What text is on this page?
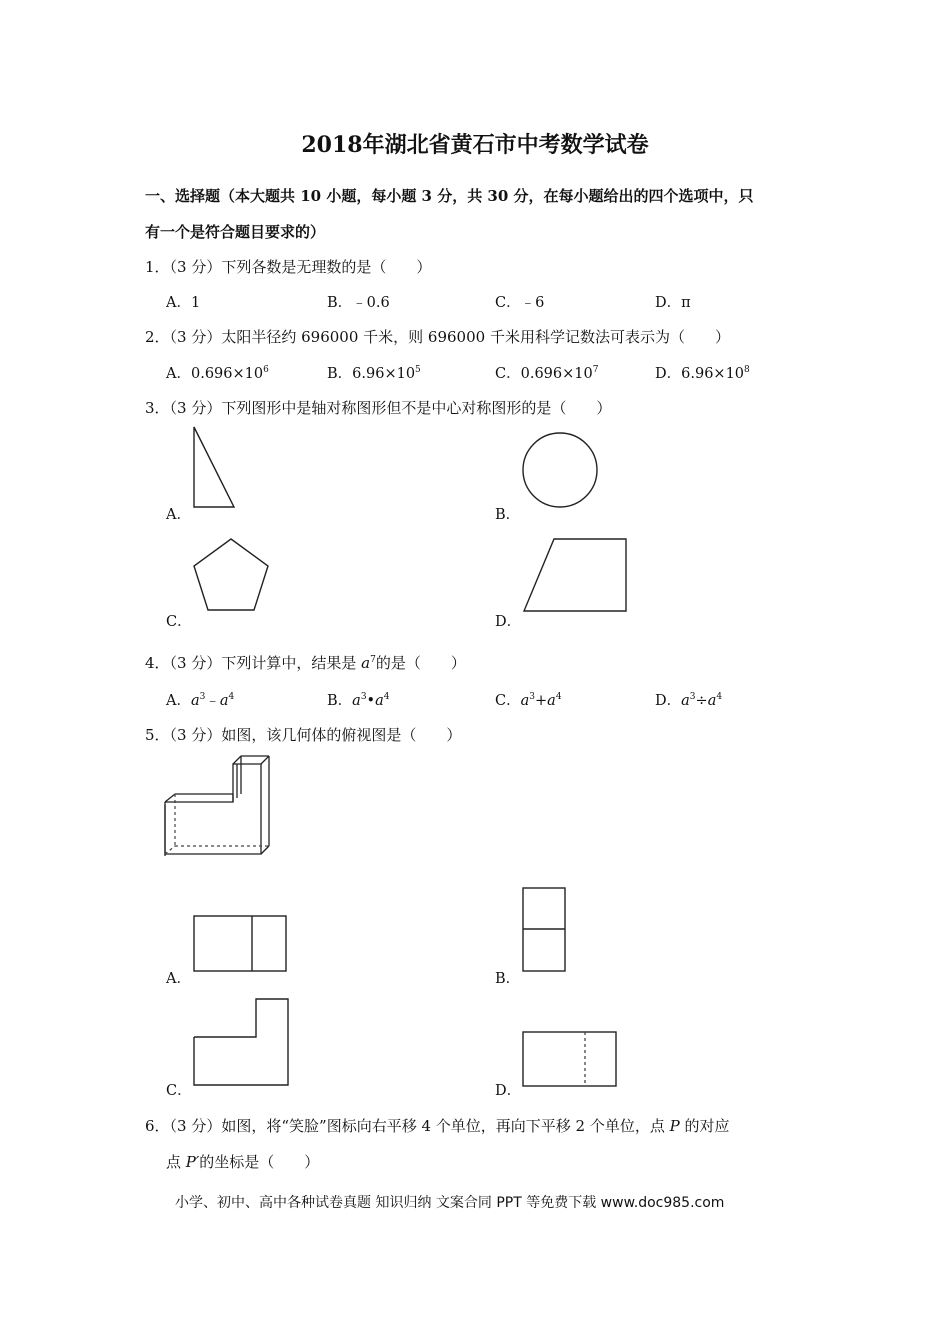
2018年湖北省黄石市中考数学试卷
一、选择题（本大题共 10 小题，每小题 3 分，共 30 分，在每小题给出的四个选项中，只
有一个是符合题目要求的）
1．（3 分）下列各数是无理数的是（　　）
A．1	B．﹣0.6	C．﹣6	D．π
2．（3 分）太阳半径约 696000 千米，则 696000 千米用科学记数法可表示为（　　）
A．$0.696\times 10^6$	B．$6.96\times 10^5$	C．$0.696\times 10^7$	D．$6.96\times 10^8$
3．（3 分）下列图形中是轴对称图形但不是中心对称图形的是（　　）
A．	B．
C．	D．
4．（3 分）下列计算中，结果是 $a^7$的是（　　）
A．$a^3﹣a^4$	B．$a^3•a^4$	C．$a^3+a^4$	D．$a^3\div a^4$
5．（3 分）如图，该几何体的俯视图是（　　）
A．	B．
C．	D．
6．（3 分）如图，将“笑脸”图标向右平移 4 个单位，再向下平移 2 个单位，点 P 的对应
点 P′的坐标是（　　）
小学、初中、高中各种试卷真题 知识归纳 文案合同 PPT 等免费下载 www.doc985.com
